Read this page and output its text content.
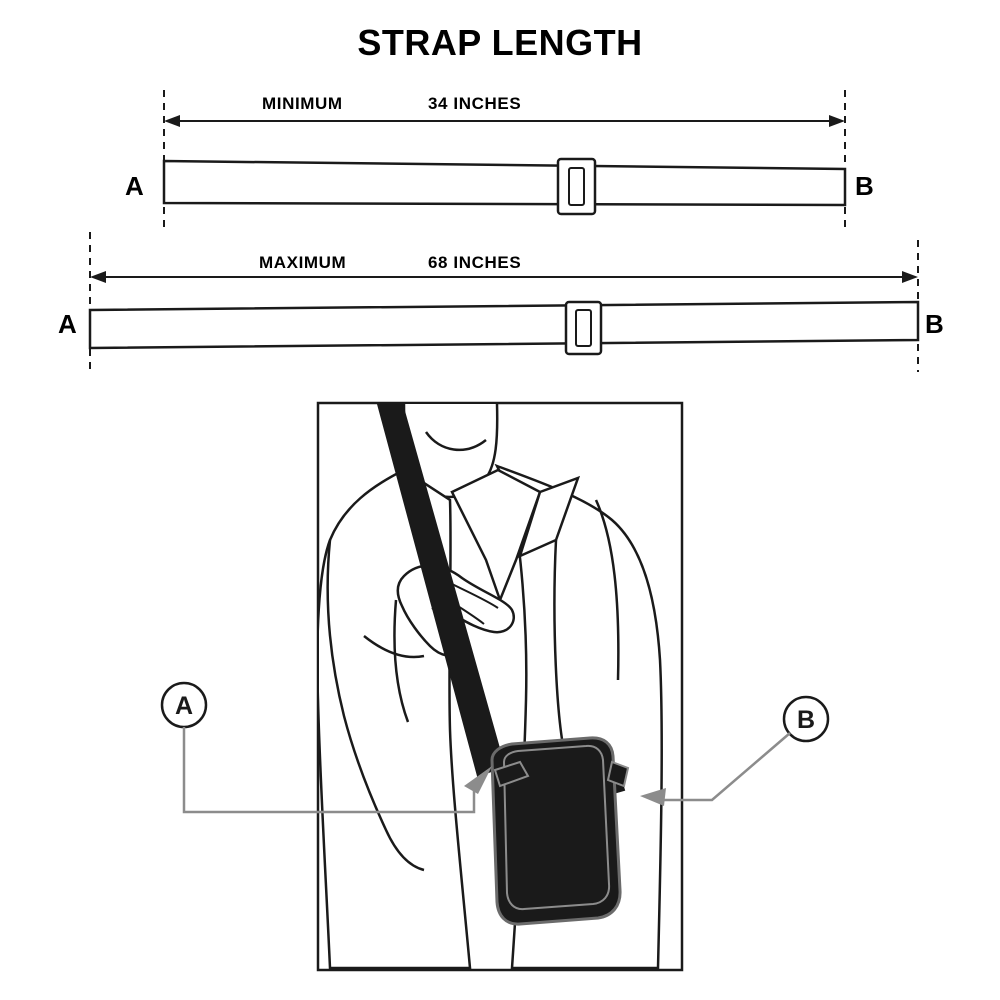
STRAP LENGTH
MINIMUM	34 INCHES
A	B
MAXIMUM	68 INCHES
A	B
A	B
